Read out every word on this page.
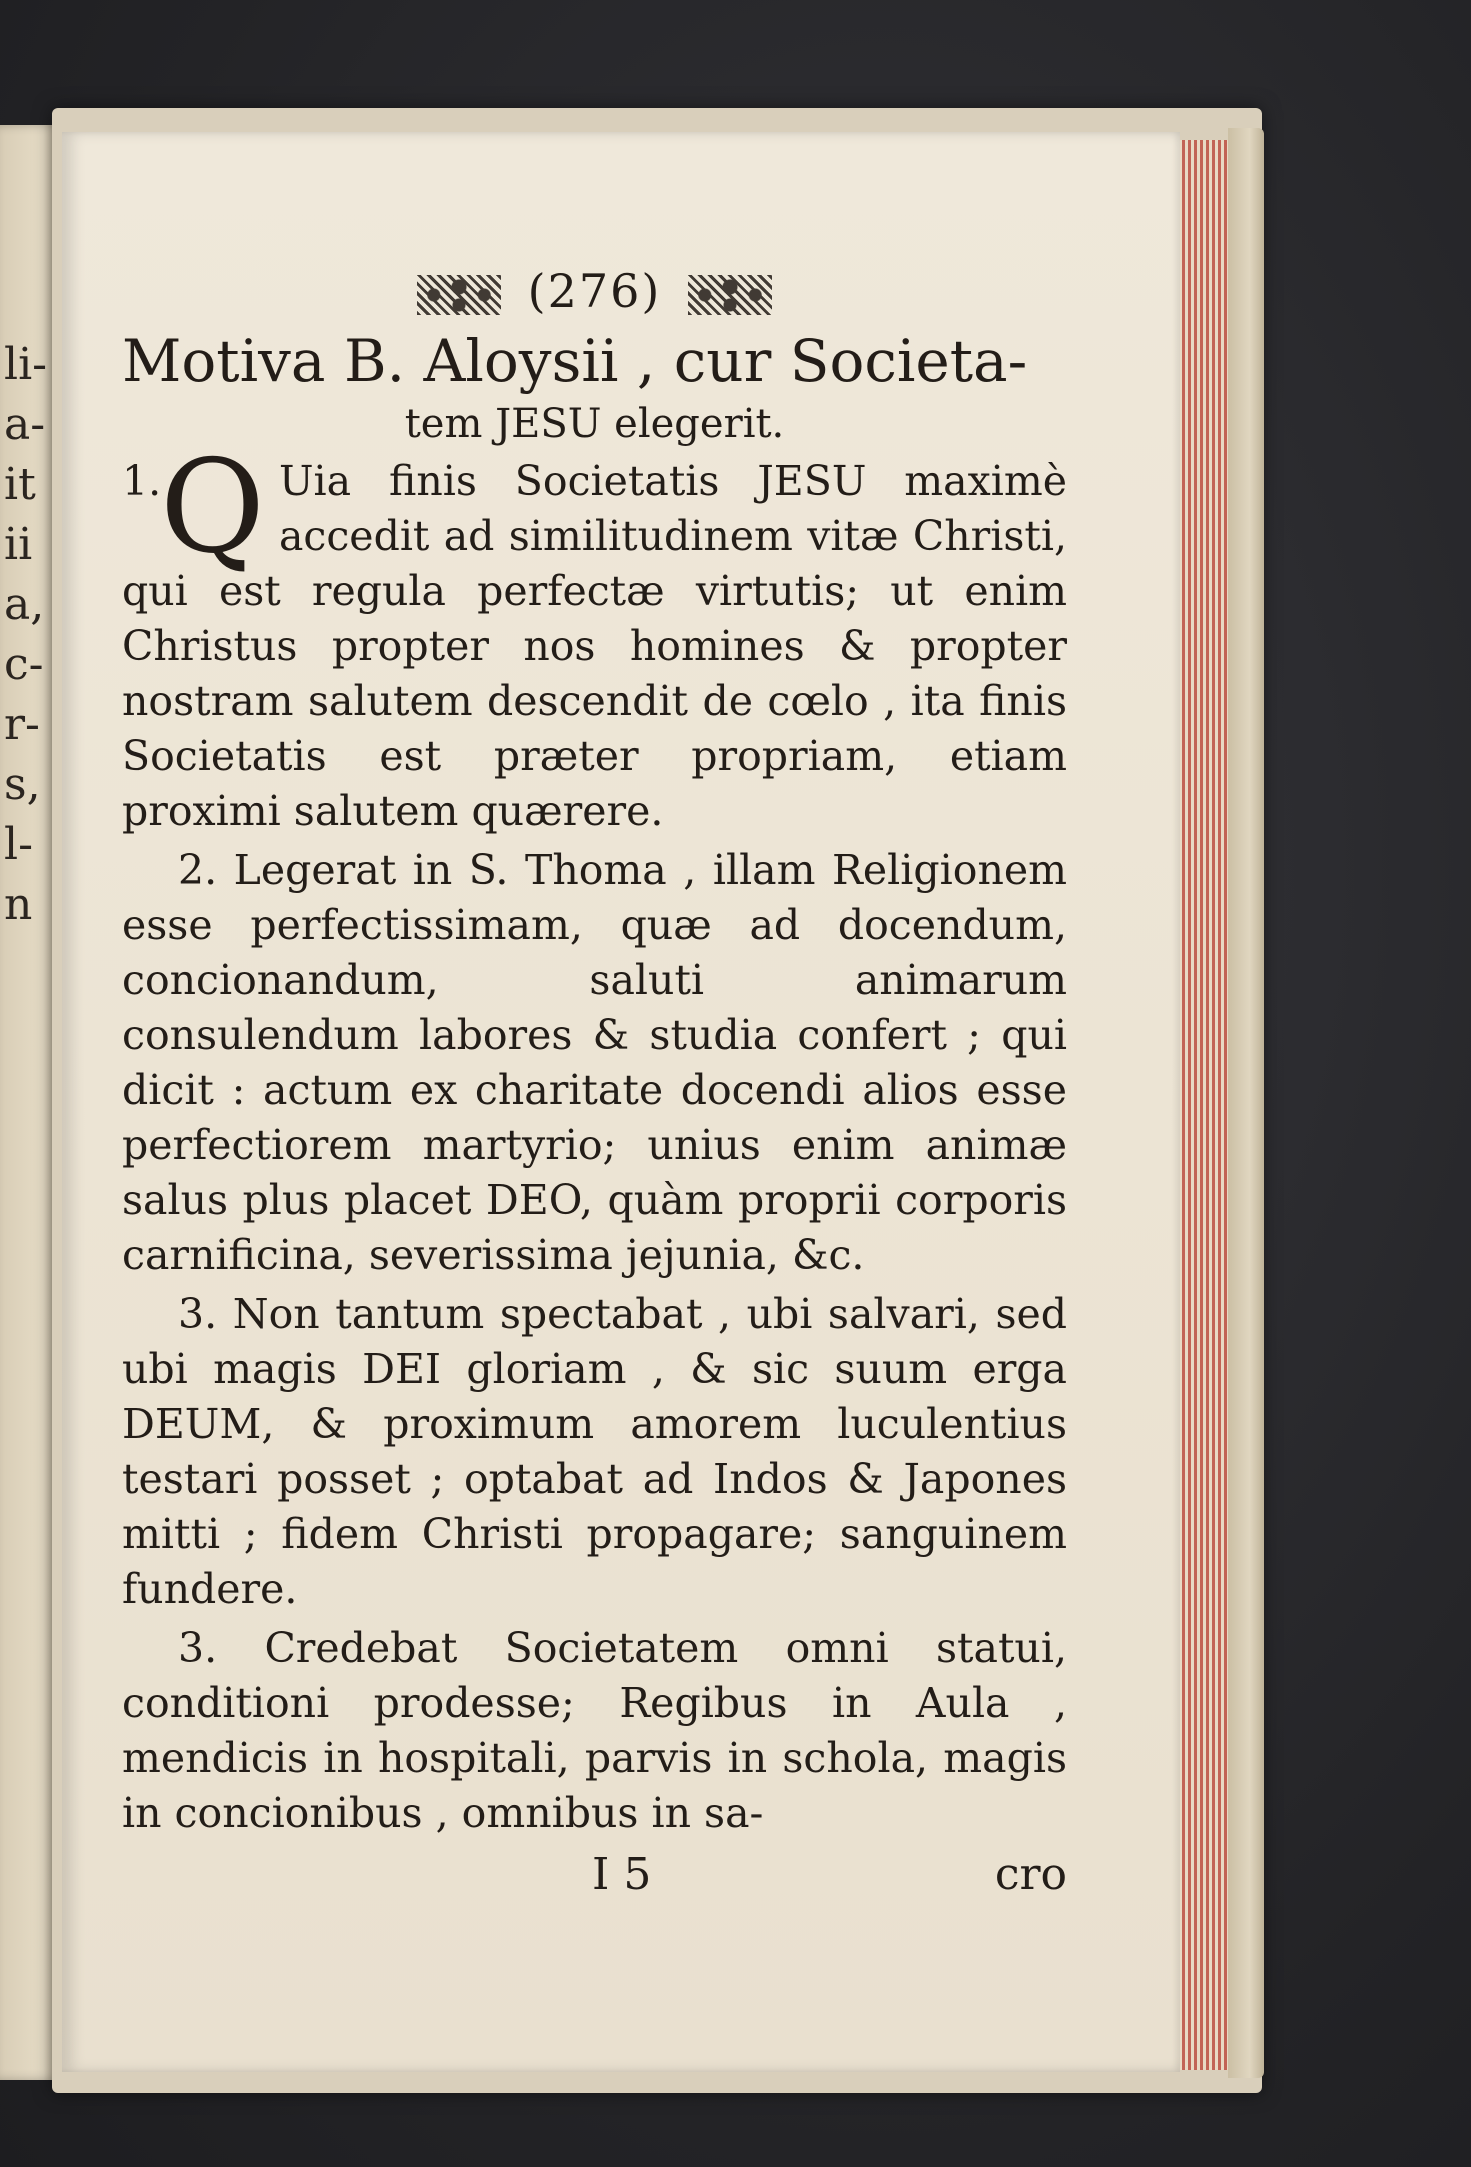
li-
a-
it
ii
a,
c-
r-
s,
l-
n
(276)
Motiva B. Aloysii , cur Societa-
tem JESU elegerit.

1.
Q Uia finis Societatis JESU maximè accedit ad similitudinem vitæ Christi, qui est regula perfectæ virtutis; ut enim Christus propter nos homines & propter nostram salutem descendit de cœlo , ita finis Societatis est præter propriam, etiam proximi salutem quærere.

2. Legerat in S. Thoma , illam Religionem esse perfectissimam, quæ ad docendum, concionandum, saluti animarum consulendum labores & studia confert ; qui dicit : actum ex charitate docendi alios esse perfectiorem martyrio; unius enim animæ salus plus placet DEO, quàm proprii corporis carnificina, severissima jejunia, &c.

3. Non tantum spectabat , ubi salvari, sed ubi magis DEI gloriam , & sic suum erga DEUM, & proximum amorem luculentius testari posset ; optabat ad Indos & Japones mitti ; fidem Christi propagare; sanguinem fundere.

3. Credebat Societatem omni statui, conditioni prodesse; Regibus in Aula , mendicis in hospitali, parvis in schola, magis in concionibus , omnibus in sa-

I 5	cro
